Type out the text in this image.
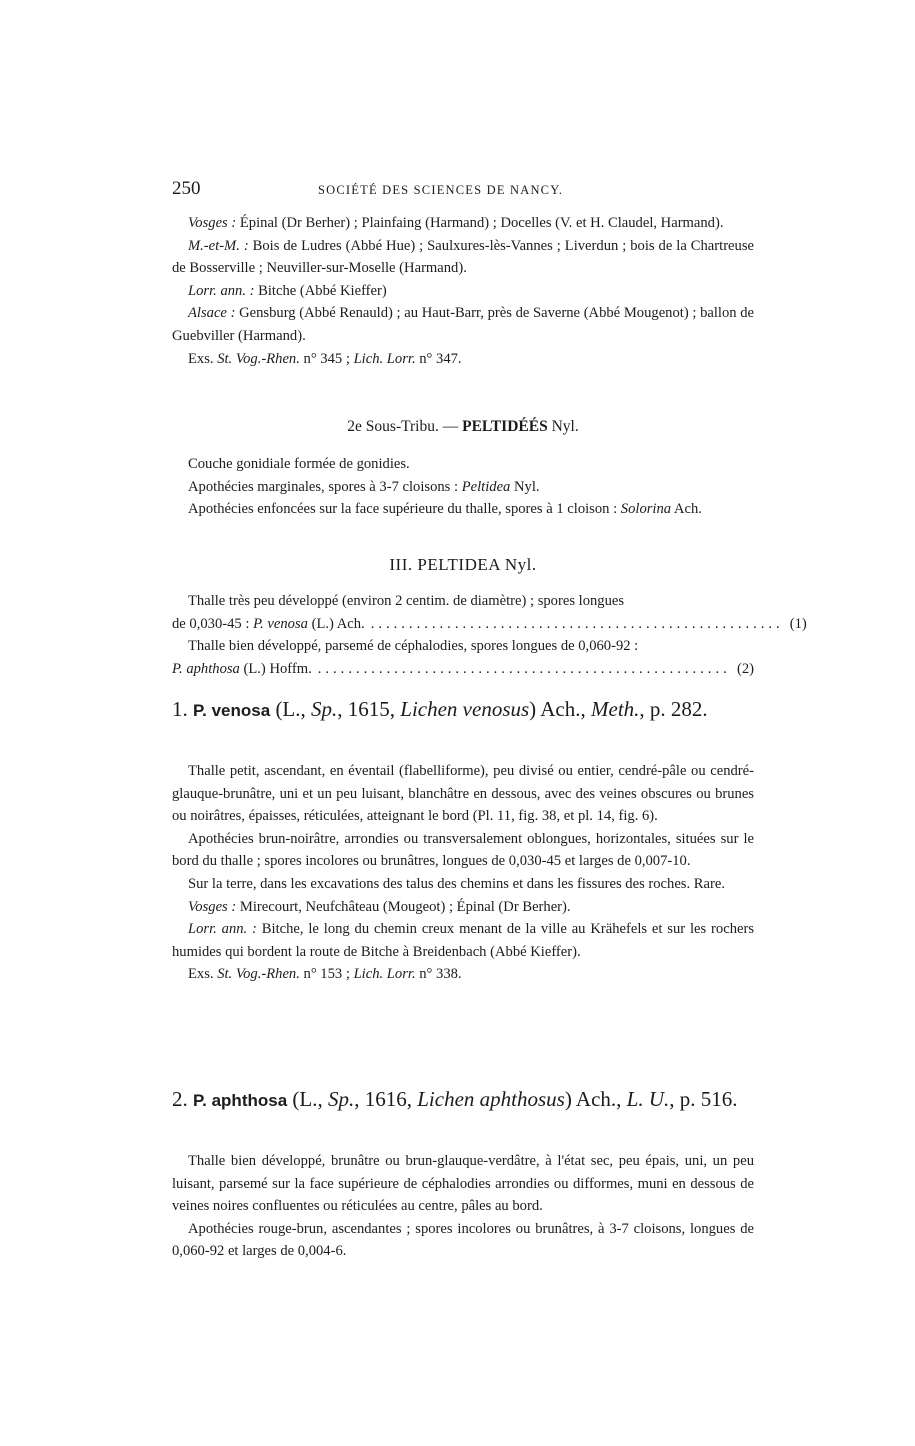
250	SOCIÉTÉ DES SCIENCES DE NANCY.

Vosges : Épinal (Dr Berher) ; Plainfaing (Harmand) ; Docelles (V. et H. Claudel, Harmand).

M.-et-M. : Bois de Ludres (Abbé Hue) ; Saulxures-lès-Vannes ; Liverdun ; bois de la Chartreuse de Bosserville ; Neuviller-sur-Moselle (Harmand).

Lorr. ann. : Bitche (Abbé Kieffer)

Alsace : Gensburg (Abbé Renauld) ; au Haut-Barr, près de Saverne (Abbé Mougenot) ; ballon de Guebviller (Harmand).

Exs. St. Vog.-Rhen. n° 345 ; Lich. Lorr. n° 347.

2e Sous-Tribu. — PELTIDÉÉS Nyl.

Couche gonidiale formée de gonidies.

Apothécies marginales, spores à 3-7 cloisons : Peltidea Nyl.

Apothécies enfoncées sur la face supérieure du thalle, spores à 1 cloison : Solorina Ach.

III. PELTIDEA Nyl.

Thalle très peu développé (environ 2 centim. de diamètre) ; spores longues

de 0,030-45 : P. venosa (L.) Ach. ...................................................... (1)

Thalle bien développé, parsemé de céphalodies, spores longues de 0,060-92 :

P. aphthosa (L.) Hoffm. ...................................................... (2)

1. P. venosa (L., Sp., 1615, Lichen venosus) Ach., Meth., p. 282.

Thalle petit, ascendant, en éventail (flabelliforme), peu divisé ou entier, cendré-pâle ou cendré-glauque-brunâtre, uni et un peu luisant, blanchâtre en dessous, avec des veines obscures ou brunes ou noirâtres, épaisses, réticulées, atteignant le bord (Pl. 11, fig. 38, et pl. 14, fig. 6).

Apothécies brun-noirâtre, arrondies ou transversalement oblongues, horizontales, situées sur le bord du thalle ; spores incolores ou brunâtres, longues de 0,030-45 et larges de 0,007-10.

Sur la terre, dans les excavations des talus des chemins et dans les fissures des roches. Rare.

Vosges : Mirecourt, Neufchâteau (Mougeot) ; Épinal (Dr Berher).

Lorr. ann. : Bitche, le long du chemin creux menant de la ville au Krähefels et sur les rochers humides qui bordent la route de Bitche à Breidenbach (Abbé Kieffer).

Exs. St. Vog.-Rhen. n° 153 ; Lich. Lorr. n° 338.

2. P. aphthosa (L., Sp., 1616, Lichen aphthosus) Ach., L. U., p. 516.

Thalle bien développé, brunâtre ou brun-glauque-verdâtre, à l'état sec, peu épais, uni, un peu luisant, parsemé sur la face supérieure de céphalodies arrondies ou difformes, muni en dessous de veines noires confluentes ou réticulées au centre, pâles au bord.

Apothécies rouge-brun, ascendantes ; spores incolores ou brunâtres, à 3-7 cloisons, longues de 0,060-92 et larges de 0,004-6.
